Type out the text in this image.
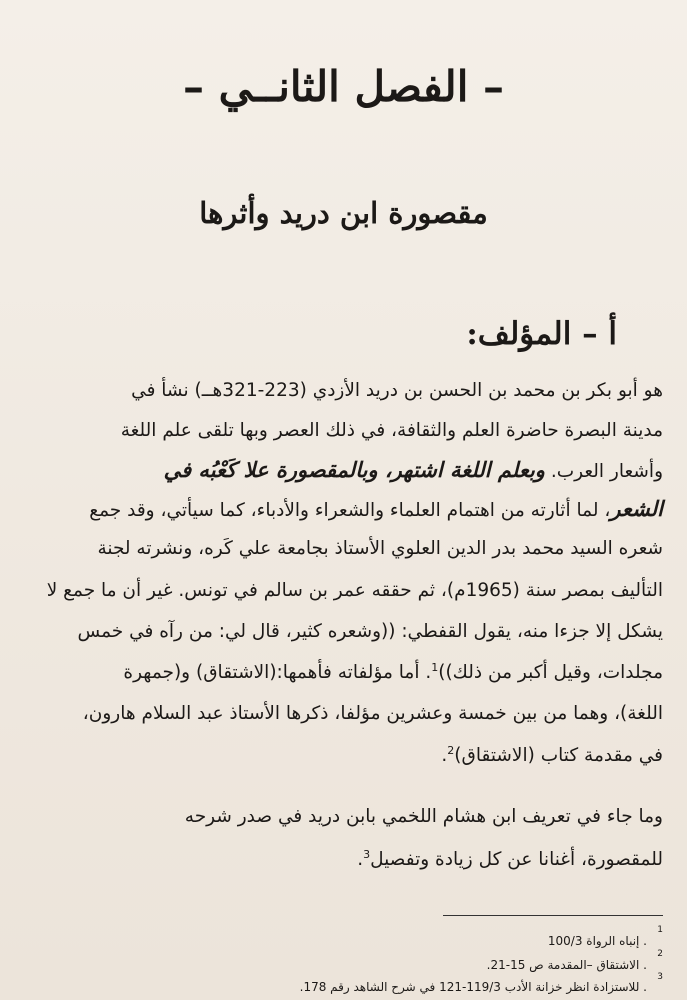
– الفصل الثانــي –
مقصورة ابن دريد وأثرها
أ – المؤلف:
هو أبو بكر بن محمد بن الحسن بن دريد الأزدي (223-321هــ) نشأ في
مدينة البصرة حاضرة العلم والثقافة، في ذلك العصر وبها تلقى علم اللغة
وأشعار العرب. وبعلم اللغة اشتهر، وبالمقصورة علا كَعْبُه في
الشعر، لما أثارته من اهتمام العلماء والشعراء والأدباء، كما سيأتي، وقد جمع
شعره السيد محمد بدر الدين العلوي الأستاذ بجامعة علي كَره، ونشرته لجنة
التأليف بمصر سنة (1965م)، ثم حققه عمر بن سالم في تونس. غير أن ما جمع لا
يشكل إلا جزءا منه، يقول القفطي: ((وشعره كثير، قال لي: من رآه في خمس
مجلدات، وقيل أكبر من ذلك))$^1$. أما مؤلفاته فأهمها:(الاشتقاق) و(جمهرة
اللغة)، وهما من بين خمسة وعشرين مؤلفا، ذكرها الأستاذ عبد السلام هارون،
في مقدمة كتاب (الاشتقاق)$^2$.
وما جاء في تعريف ابن هشام اللخمي بابن دريد في صدر شرحه
للمقصورة، أغنانا عن كل زيادة وتفصيل$^3$.
1
. إنباه الرواة 100/3
2
. الاشتقاق –المقدمة ص 15-21.
3
. للاستزادة انظر خزانة الأدب 119/3-121 في شرح الشاهد رقم 178.
